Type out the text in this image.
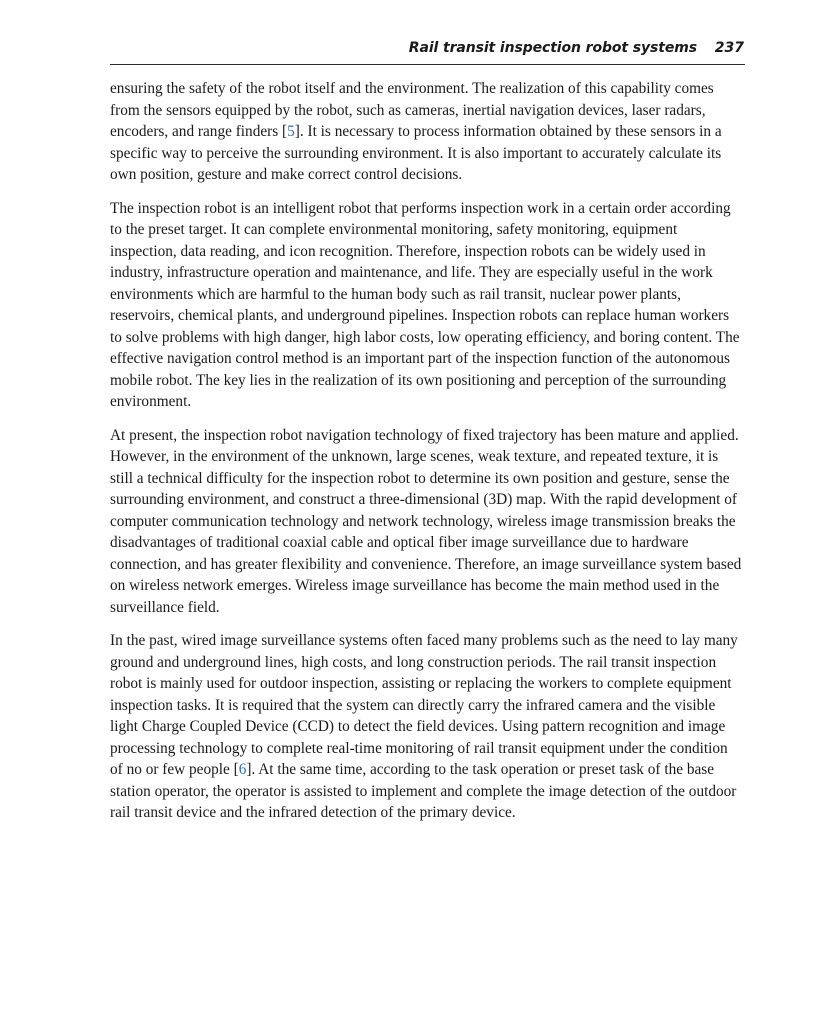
Rail transit inspection robot systems 237

ensuring the safety of the robot itself and the environment. The realization of this capability comes from the sensors equipped by the robot, such as cameras, inertial navigation devices, laser radars, encoders, and range finders [5]. It is necessary to process information obtained by these sensors in a specific way to perceive the surrounding environment. It is also important to accurately calculate its own position, gesture and make correct control decisions.

The inspection robot is an intelligent robot that performs inspection work in a certain order according to the preset target. It can complete environmental monitoring, safety monitoring, equipment inspection, data reading, and icon recognition. Therefore, inspection robots can be widely used in industry, infrastructure operation and maintenance, and life. They are especially useful in the work environments which are harmful to the human body such as rail transit, nuclear power plants, reservoirs, chemical plants, and underground pipelines. Inspection robots can replace human workers to solve problems with high danger, high labor costs, low operating efficiency, and boring content. The effective navigation control method is an important part of the inspection function of the autonomous mobile robot. The key lies in the realization of its own positioning and perception of the surrounding environment.

At present, the inspection robot navigation technology of fixed trajectory has been mature and applied. However, in the environment of the unknown, large scenes, weak texture, and repeated texture, it is still a technical difficulty for the inspection robot to determine its own position and gesture, sense the surrounding environment, and construct a three-dimensional (3D) map. With the rapid development of computer communication technology and network technology, wireless image transmission breaks the disadvantages of traditional coaxial cable and optical fiber image surveillance due to hardware connection, and has greater flexibility and convenience. Therefore, an image surveillance system based on wireless network emerges. Wireless image surveillance has become the main method used in the surveillance field.

In the past, wired image surveillance systems often faced many problems such as the need to lay many ground and underground lines, high costs, and long construction periods. The rail transit inspection robot is mainly used for outdoor inspection, assisting or replacing the workers to complete equipment inspection tasks. It is required that the system can directly carry the infrared camera and the visible light Charge Coupled Device (CCD) to detect the field devices. Using pattern recognition and image processing technology to complete real-time monitoring of rail transit equipment under the condition of no or few people [6]. At the same time, according to the task operation or preset task of the base station operator, the operator is assisted to implement and complete the image detection of the outdoor rail transit device and the infrared detection of the primary device.
